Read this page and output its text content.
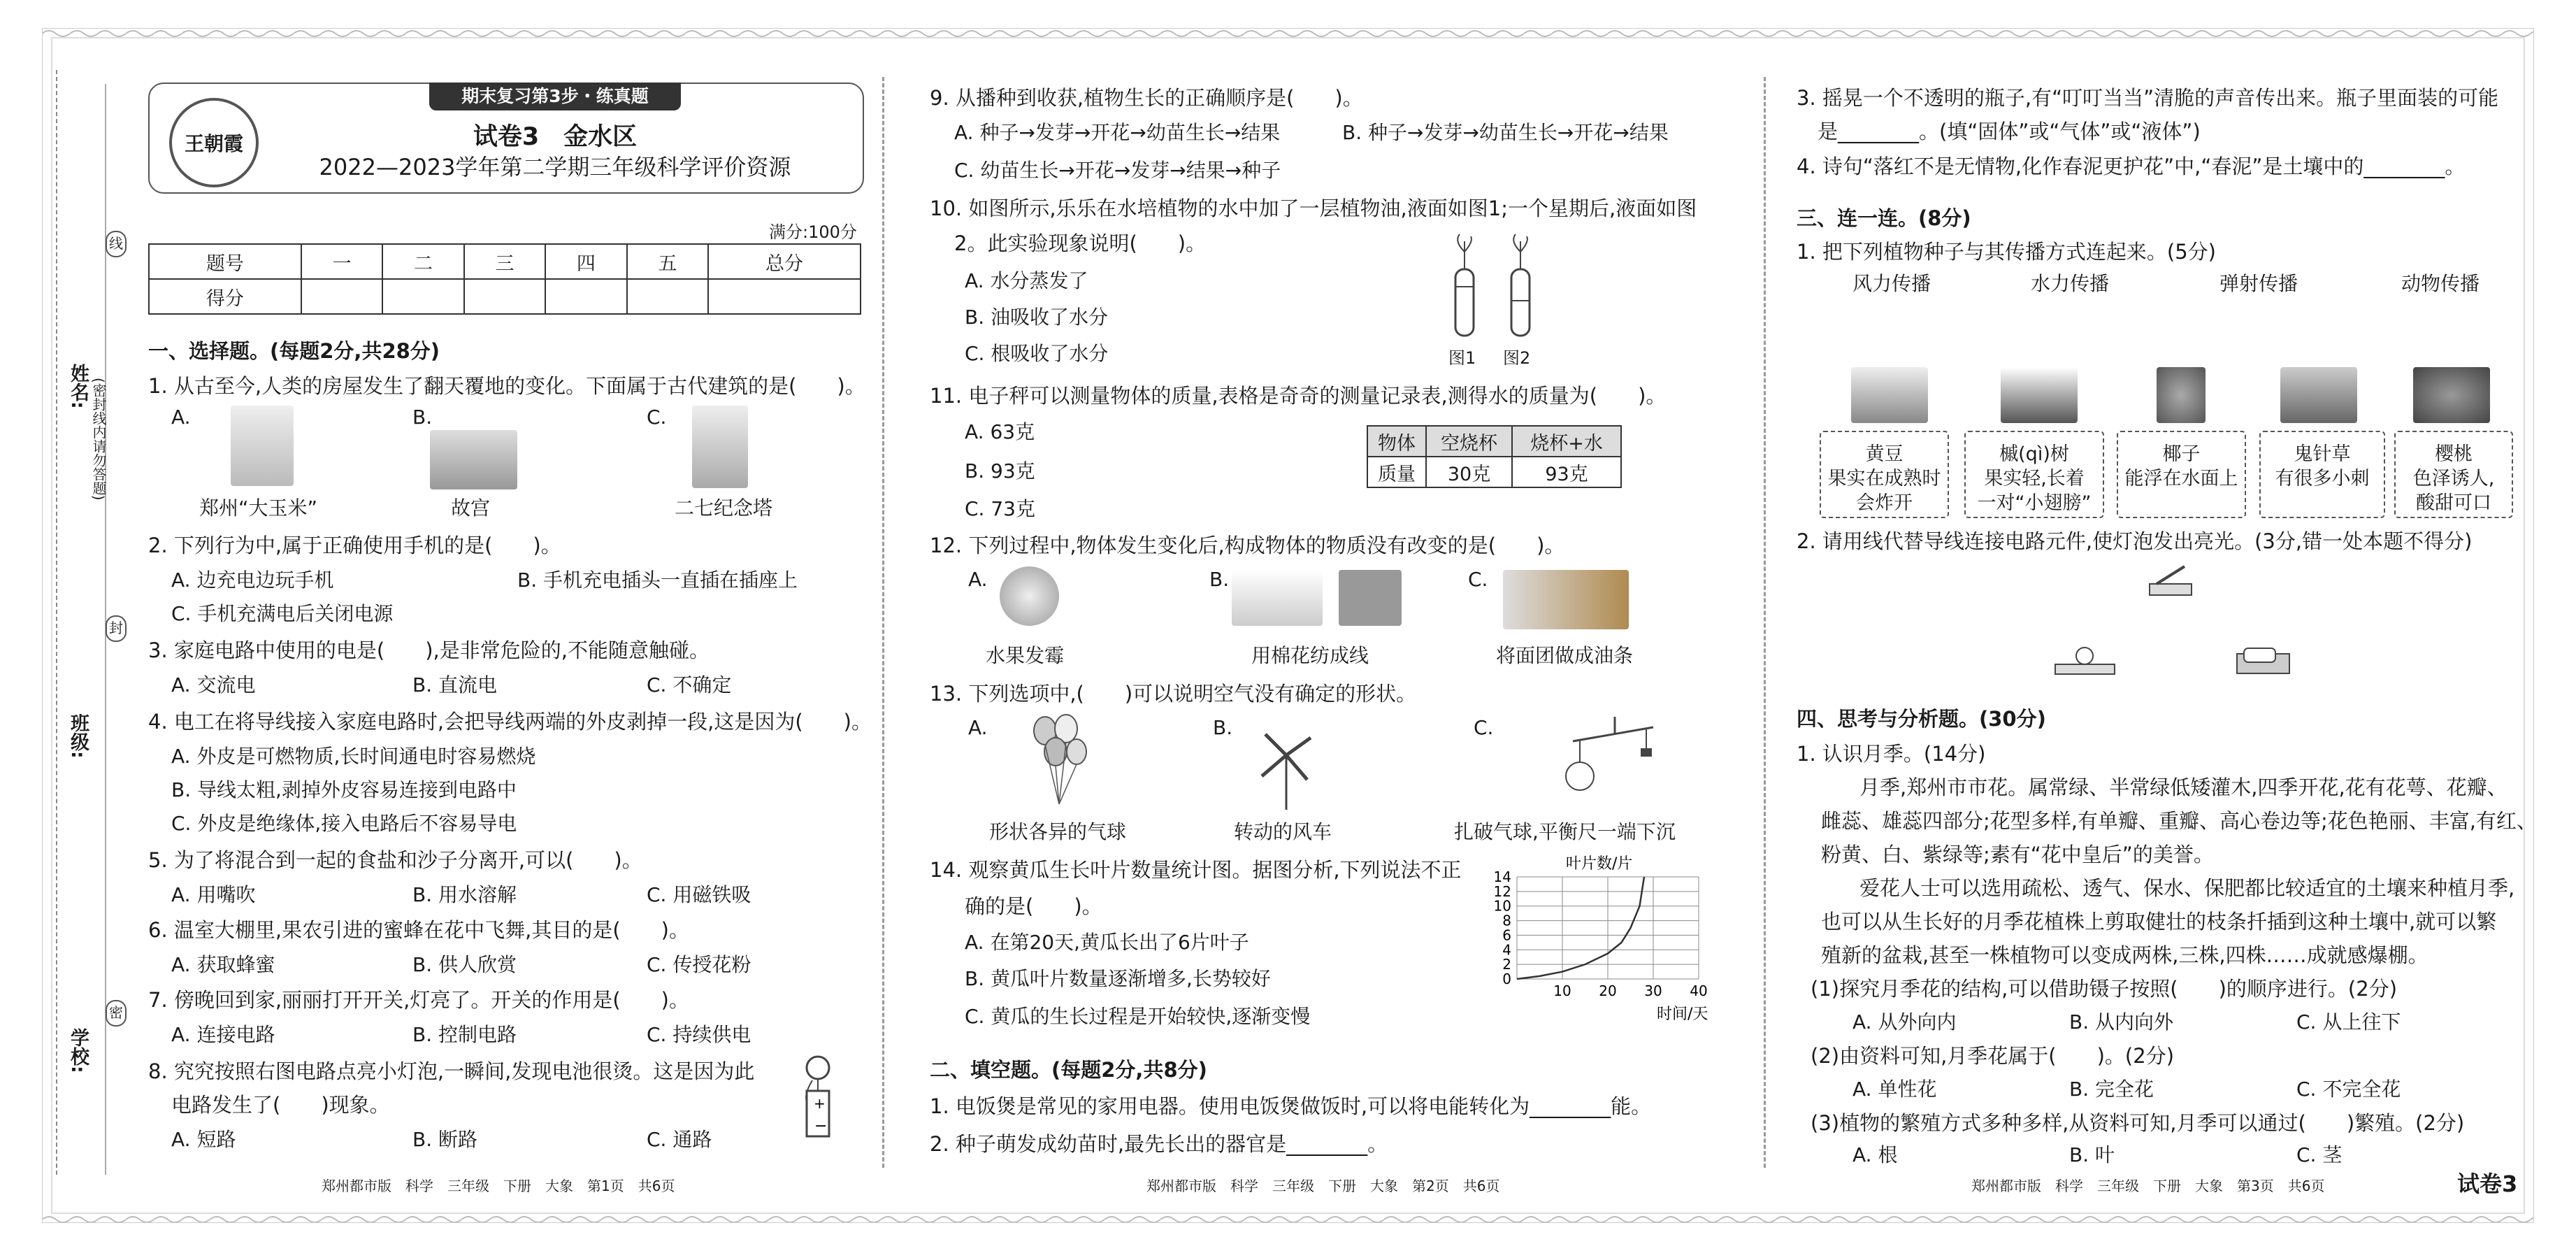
姓名:
班级:
学校:
(密封线内请勿答题)
线
封
密
王朝霞
期末复习第3步・练真题
试卷3　金水区
2022—2023学年第二学期三年级科学评价资源
满分:100分
题号	一	二	三	四	五	总分
得分						
一、选择题。(每题2分,共28分)
1. 从古至今,人类的房屋发生了翻天覆地的变化。下面属于古代建筑的是(　　)。
A.	B.	C.
郑州“大玉米”	故宫	二七纪念塔
2. 下列行为中,属于正确使用手机的是(　　)。
A. 边充电边玩手机	B. 手机充电插头一直插在插座上
C. 手机充满电后关闭电源
3. 家庭电路中使用的电是(　　),是非常危险的,不能随意触碰。
A. 交流电	B. 直流电	C. 不确定
4. 电工在将导线接入家庭电路时,会把导线两端的外皮剥掉一段,这是因为(　　)。
A. 外皮是可燃物质,长时间通电时容易燃烧
B. 导线太粗,剥掉外皮容易连接到电路中
C. 外皮是绝缘体,接入电路后不容易导电
5. 为了将混合到一起的食盐和沙子分离开,可以(　　)。
A. 用嘴吹	B. 用水溶解	C. 用磁铁吸
6. 温室大棚里,果农引进的蜜蜂在花中飞舞,其目的是(　　)。
A. 获取蜂蜜	B. 供人欣赏	C. 传授花粉
7. 傍晚回到家,丽丽打开开关,灯亮了。开关的作用是(　　)。
A. 连接电路	B. 控制电路	C. 持续供电
8. 究究按照右图电路点亮小灯泡,一瞬间,发现电池很烫。这是因为此
电路发生了(　　)现象。
A. 短路	B. 断路	C. 通路
+
−
9. 从播种到收获,植物生长的正确顺序是(　　)。
A. 种子→发芽→开花→幼苗生长→结果	B. 种子→发芽→幼苗生长→开花→结果
C. 幼苗生长→开花→发芽→结果→种子
10. 如图所示,乐乐在水培植物的水中加了一层植物油,液面如图1;一个星期后,液面如图
2。此实验现象说明(　　)。
A. 水分蒸发了
B. 油吸收了水分
C. 根吸收了水分	图1 图2
11. 电子秤可以测量物体的质量,表格是奇奇的测量记录表,测得水的质量为(　　)。
A. 63克
B. 93克
C. 73克
物体	空烧杯	烧杯+水
质量	30克	93克
12. 下列过程中,物体发生变化后,构成物体的物质没有改变的是(　　)。
A.	B.	C.
水果发霉	用棉花纺成线	将面团做成油条
13. 下列选项中,(　　)可以说明空气没有确定的形状。
A.	B.	C.
形状各异的气球	转动的风车	扎破气球,平衡尺一端下沉
14. 观察黄瓜生长叶片数量统计图。据图分析,下列说法不正
确的是(　　)。
A. 在第20天,黄瓜长出了6片叶子
B. 黄瓜叶片数量逐渐增多,长势较好
C. 黄瓜的生长过程是开始较快,逐渐变慢
叶片数/片
0
2
4
6
8
10
12
14
10 20 30 40
时间/天
二、填空题。(每题2分,共8分)
1. 电饭煲是常见的家用电器。使用电饭煲做饭时,可以将电能转化为________能。
2. 种子萌发成幼苗时,最先长出的器官是________。
3. 摇晃一个不透明的瓶子,有“叮叮当当”清脆的声音传出来。瓶子里面装的可能
是________。(填“固体”或“气体”或“液体”)
4. 诗句“落红不是无情物,化作春泥更护花”中,“春泥”是土壤中的________。
三、连一连。(8分)
1. 把下列植物种子与其传播方式连起来。(5分)
风力传播	水力传播	弹射传播	动物传播
黄豆
果实在成熟时
会炸开
槭(qì)树
果实轻,长着
一对“小翅膀”
椰子
能浮在水面上
鬼针草
有很多小刺
樱桃
色泽诱人,
酸甜可口
2. 请用线代替导线连接电路元件,使灯泡发出亮光。(3分,错一处本题不得分)
四、思考与分析题。(30分)
1. 认识月季。(14分)
月季,郑州市市花。属常绿、半常绿低矮灌木,四季开花,花有花萼、花瓣、
雌蕊、雄蕊四部分;花型多样,有单瓣、重瓣、高心卷边等;花色艳丽、丰富,有红、
粉黄、白、紫绿等;素有“花中皇后”的美誉。
爱花人士可以选用疏松、透气、保水、保肥都比较适宜的土壤来种植月季,
也可以从生长好的月季花植株上剪取健壮的枝条扦插到这种土壤中,就可以繁
殖新的盆栽,甚至一株植物可以变成两株,三株,四株……成就感爆棚。
(1)探究月季花的结构,可以借助镊子按照(　　)的顺序进行。(2分)
A. 从外向内	B. 从内向外	C. 从上往下
(2)由资料可知,月季花属于(　　)。(2分)
A. 单性花	B. 完全花	C. 不完全花
(3)植物的繁殖方式多种多样,从资料可知,月季可以通过(　　)繁殖。(2分)
A. 根	B. 叶	C. 茎
郑州都市版　科学　三年级　下册　大象　第1页　共6页	郑州都市版　科学　三年级　下册　大象　第2页　共6页	郑州都市版　科学　三年级　下册　大象　第3页　共6页	试卷3
